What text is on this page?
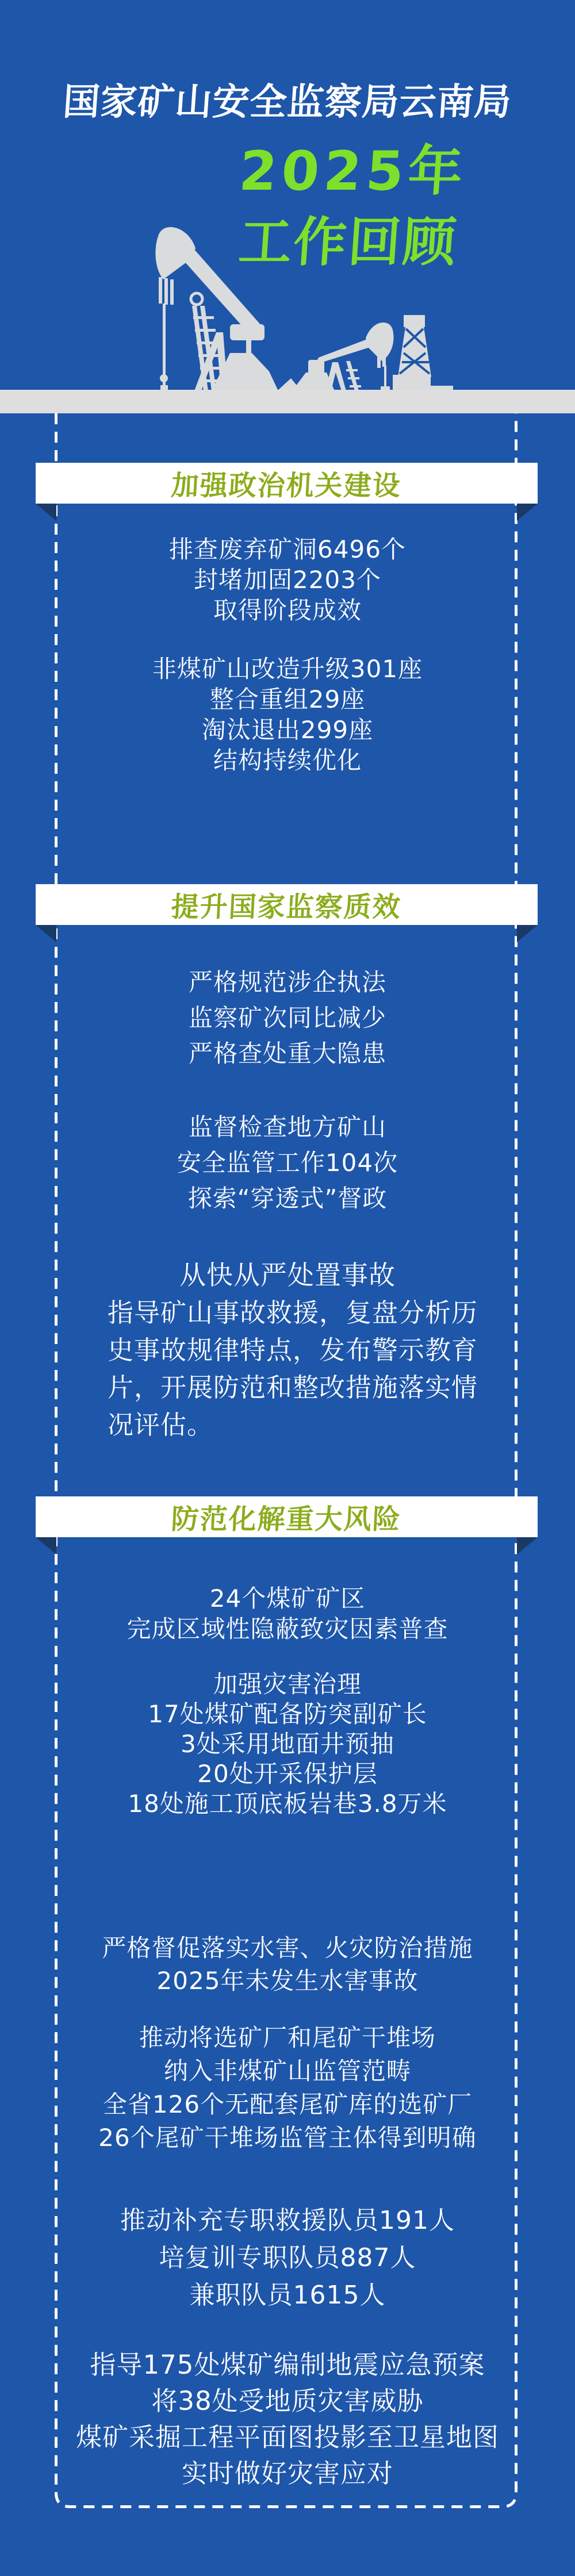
国家矿山安全监察局云南局
2025年
工作回顾
加强政治机关建设
提升国家监察质效
防范化解重大风险
排查废弃矿洞6496个
封堵加固2203个
取得阶段成效
非煤矿山改造升级301座
整合重组29座
淘汰退出299座
结构持续优化
严格规范涉企执法
监察矿次同比减少
严格查处重大隐患
监督检查地方矿山
安全监管工作104次
探索“穿透式”督政
从快从严处置事故
指导矿山事故救援，复盘分析历
史事故规律特点，发布警示教育
片，开展防范和整改措施落实情
况评估。
24个煤矿矿区
完成区域性隐蔽致灾因素普查
加强灾害治理
17处煤矿配备防突副矿长
3处采用地面井预抽
20处开采保护层
18处施工顶底板岩巷3.8万米
严格督促落实水害、火灾防治措施
2025年未发生水害事故
推动将选矿厂和尾矿干堆场
纳入非煤矿山监管范畴
全省126个无配套尾矿库的选矿厂
26个尾矿干堆场监管主体得到明确
推动补充专职救援队员191人
培复训专职队员887人
兼职队员1615人
指导175处煤矿编制地震应急预案
将38处受地质灾害威胁
煤矿采掘工程平面图投影至卫星地图
实时做好灾害应对
